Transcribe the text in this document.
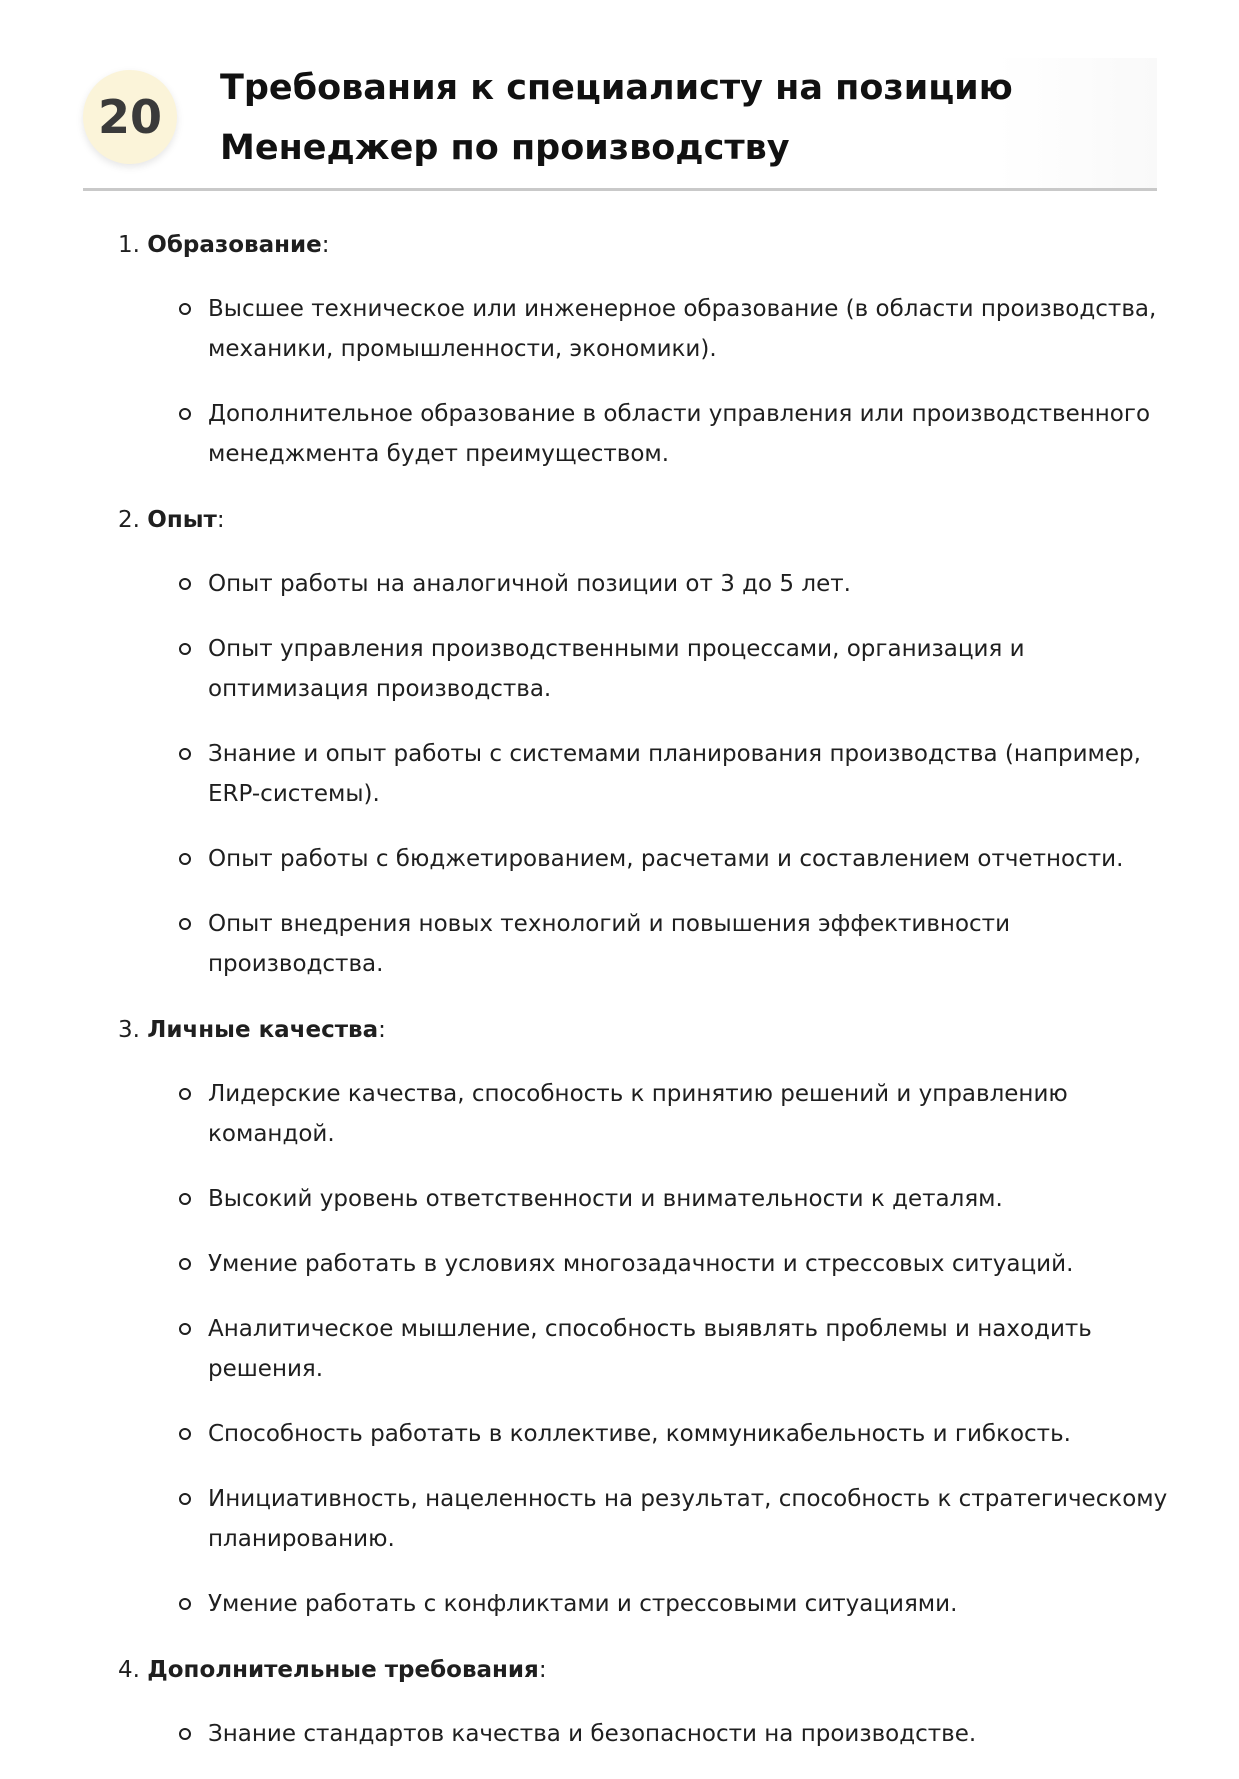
20
Требования к специалисту на позицию Менеджер по производству
1. Образование:
Высшее техническое или инженерное образование (в области производства, механики, промышленности, экономики).
Дополнительное образование в области управления или производственного менеджмента будет преимуществом.
2. Опыт:
Опыт работы на аналогичной позиции от 3 до 5 лет.
Опыт управления производственными процессами, организация и оптимизация производства.
Знание и опыт работы с системами планирования производства (например, ERP-системы).
Опыт работы с бюджетированием, расчетами и составлением отчетности.
Опыт внедрения новых технологий и повышения эффективности производства.
3. Личные качества:
Лидерские качества, способность к принятию решений и управлению командой.
Высокий уровень ответственности и внимательности к деталям.
Умение работать в условиях многозадачности и стрессовых ситуаций.
Аналитическое мышление, способность выявлять проблемы и находить решения.
Способность работать в коллективе, коммуникабельность и гибкость.
Инициативность, нацеленность на результат, способность к стратегическому планированию.
Умение работать с конфликтами и стрессовыми ситуациями.
4. Дополнительные требования:
Знание стандартов качества и безопасности на производстве.
